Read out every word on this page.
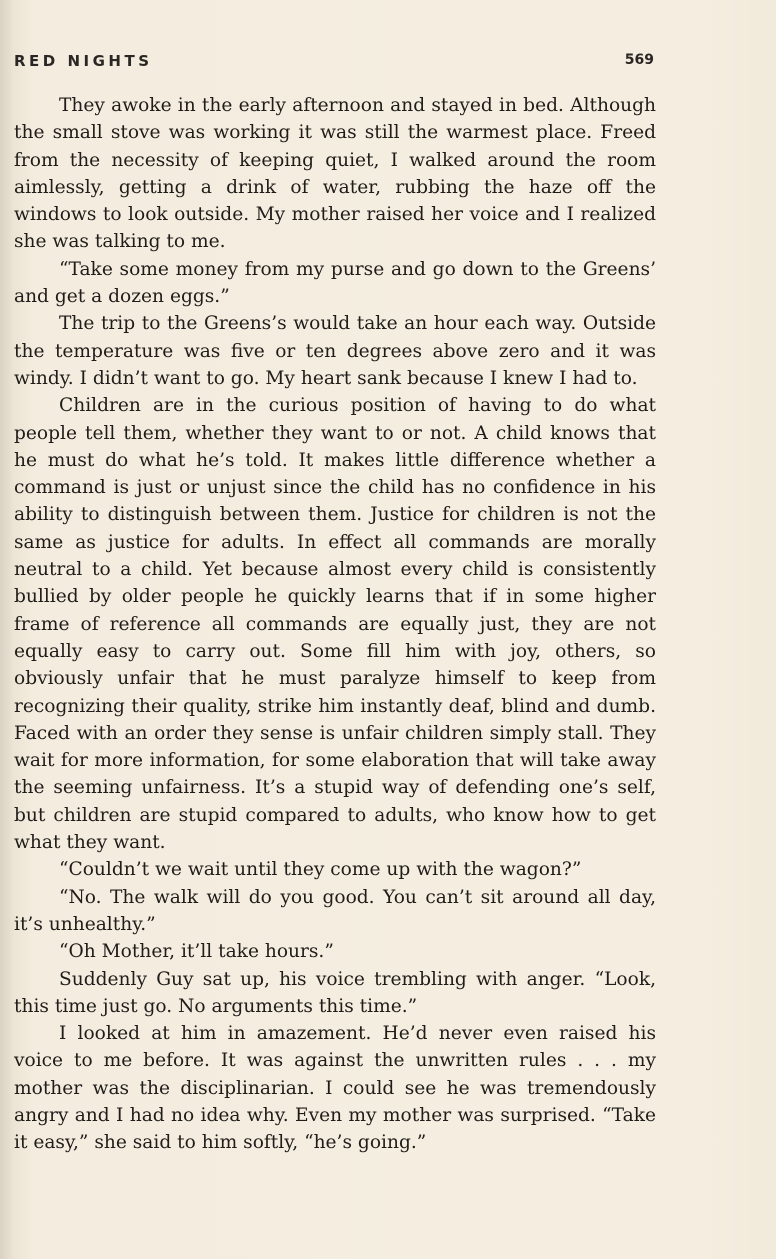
RED NIGHTS	569

They awoke in the early afternoon and stayed in bed. Although the small stove was working it was still the warmest place. Freed from the necessity of keeping quiet, I walked around the room aimlessly, getting a drink of water, rubbing the haze off the windows to look outside. My mother raised her voice and I realized she was talking to me.

“Take some money from my purse and go down to the Greens’ and get a dozen eggs.”

The trip to the Greens’s would take an hour each way. Outside the temperature was five or ten degrees above zero and it was windy. I didn’t want to go. My heart sank because I knew I had to.

Children are in the curious position of having to do what people tell them, whether they want to or not. A child knows that he must do what he’s told. It makes little difference whether a command is just or unjust since the child has no confidence in his ability to distinguish between them. Justice for children is not the same as justice for adults. In effect all commands are morally neutral to a child. Yet because almost every child is consistently bullied by older people he quickly learns that if in some higher frame of reference all commands are equally just, they are not equally easy to carry out. Some fill him with joy, others, so obviously unfair that he must paralyze himself to keep from recognizing their quality, strike him instantly deaf, blind and dumb. Faced with an order they sense is unfair children simply stall. They wait for more information, for some elaboration that will take away the seeming unfairness. It’s a stupid way of defending one’s self, but children are stupid compared to adults, who know how to get what they want.

“Couldn’t we wait until they come up with the wagon?”

“No. The walk will do you good. You can’t sit around all day, it’s unhealthy.”

“Oh Mother, it’ll take hours.”

Suddenly Guy sat up, his voice trembling with anger. “Look, this time just go. No arguments this time.”

I looked at him in amazement. He’d never even raised his voice to me before. It was against the unwritten rules . . . my mother was the disciplinarian. I could see he was tremendously angry and I had no idea why. Even my mother was surprised. “Take it easy,” she said to him softly, “he’s going.”
